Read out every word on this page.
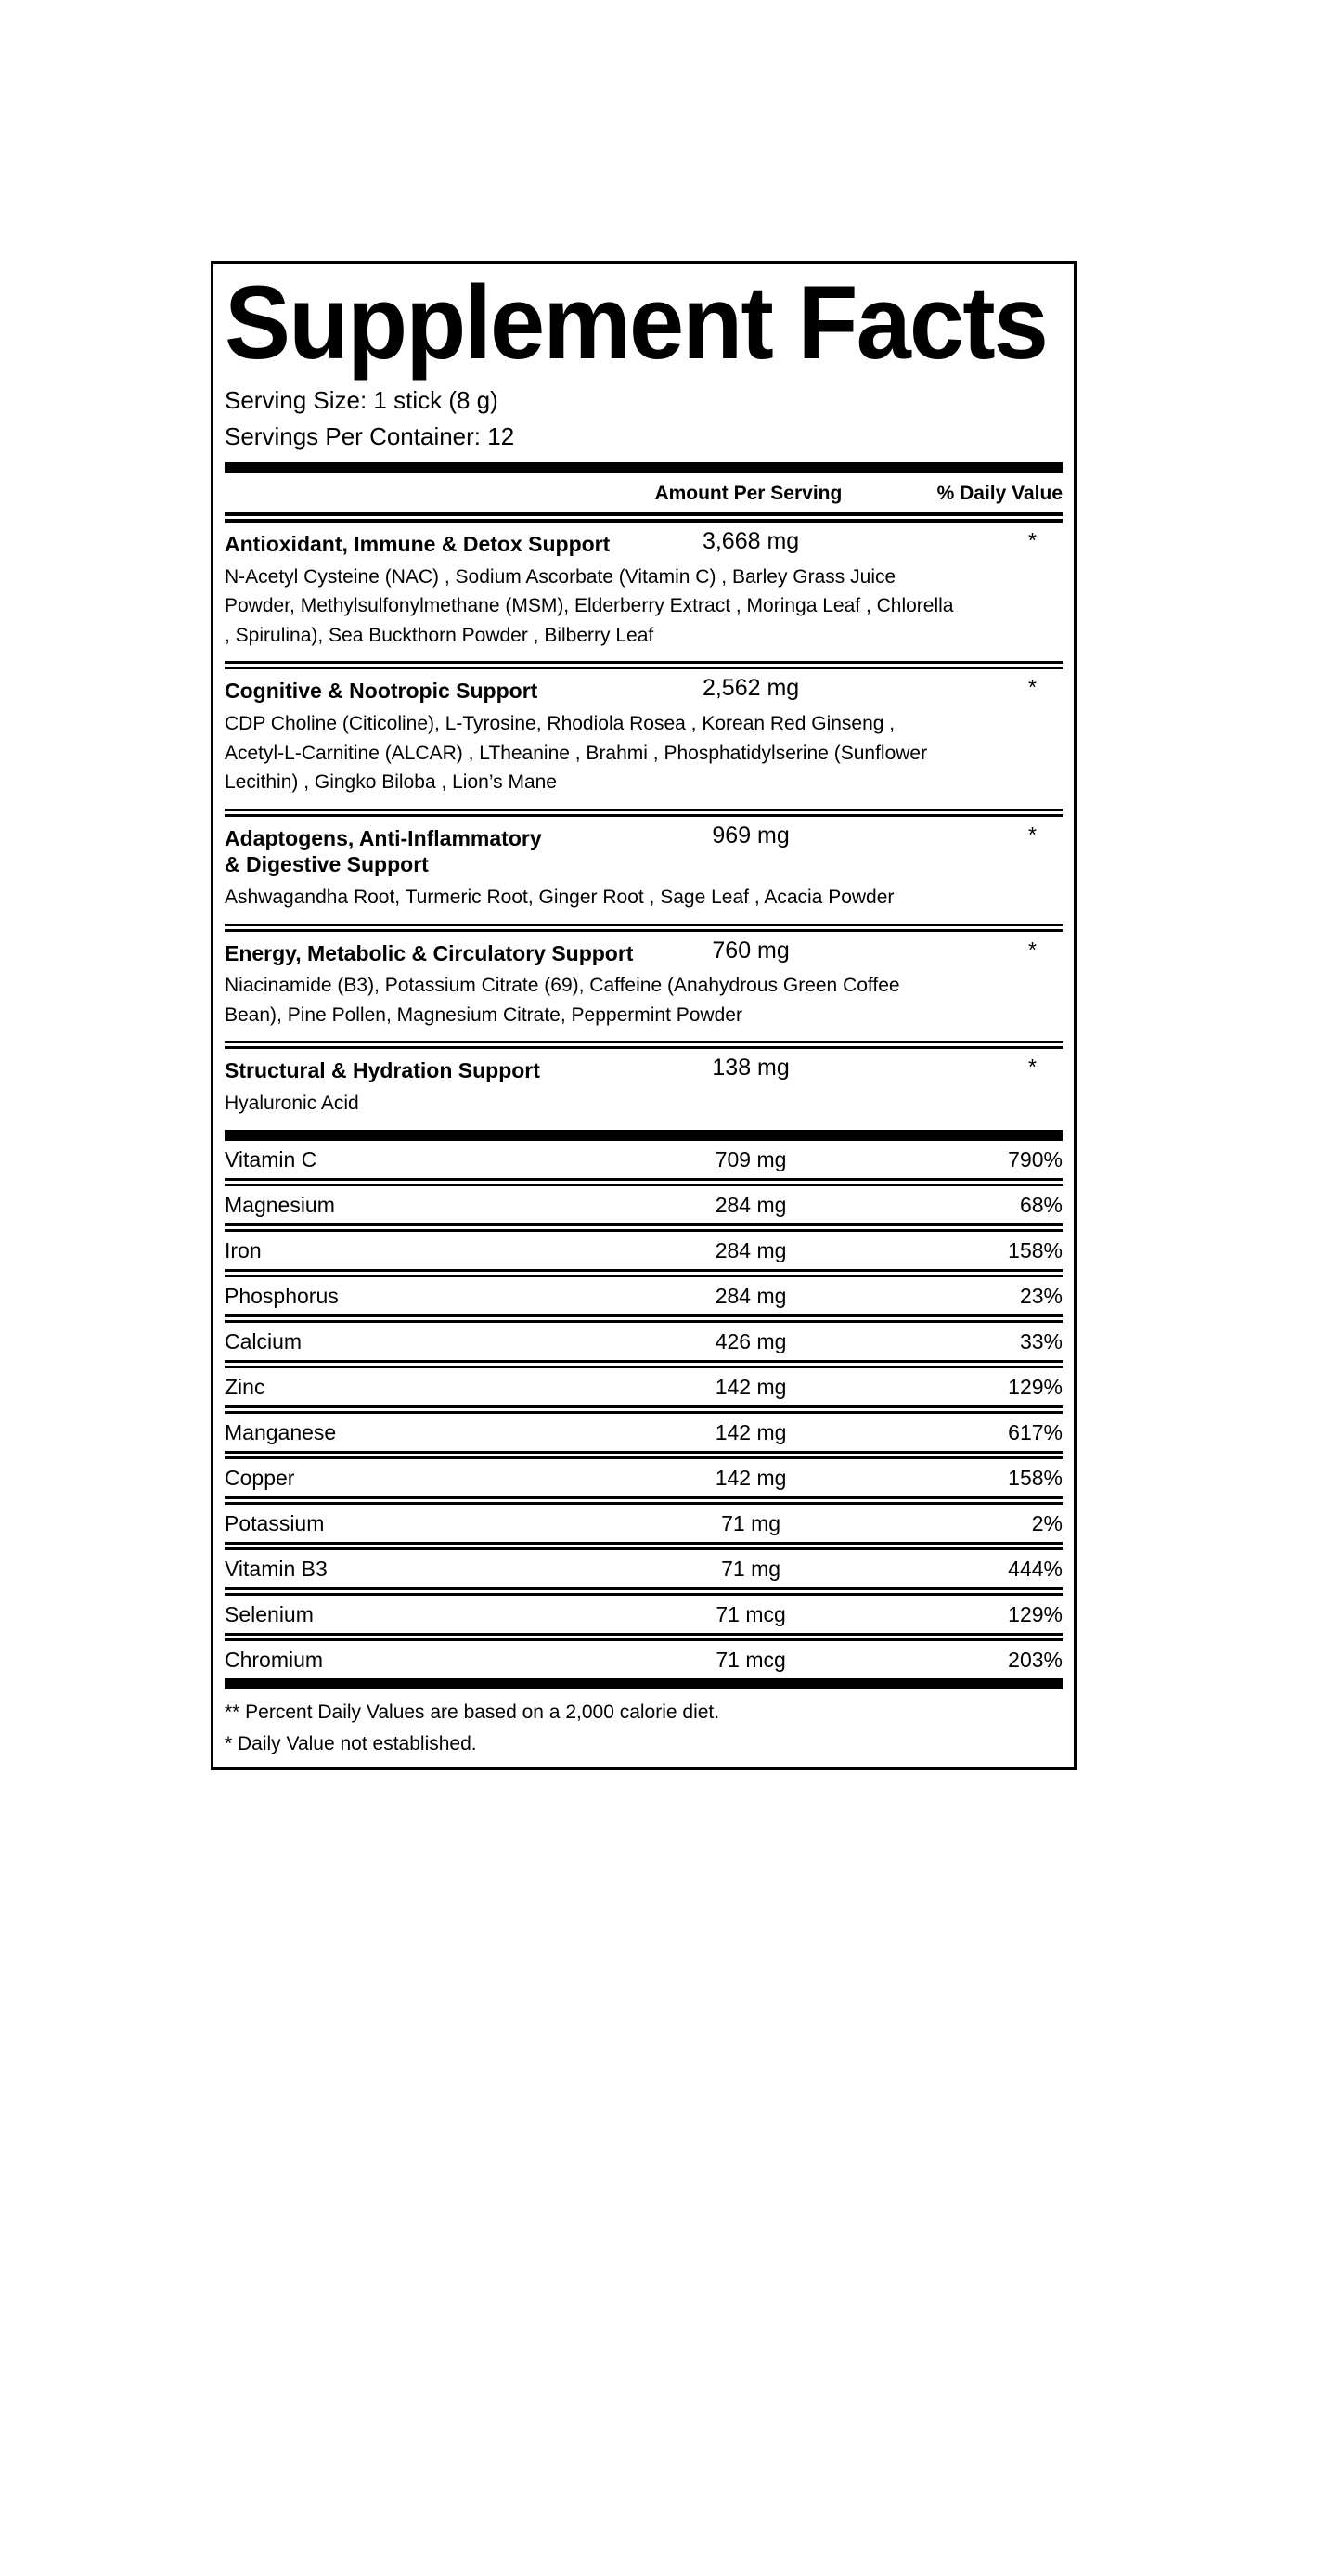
Supplement Facts
Serving Size: 1 stick (8 g)
Servings Per Container: 12
Amount Per Serving	% Daily Value
Antioxidant, Immune & Detox Support	3,668 mg	*
N-Acetyl Cysteine (NAC) , Sodium Ascorbate (Vitamin C) , Barley Grass Juice Powder, Methylsulfonylmethane (MSM), Elderberry Extract , Moringa Leaf , Chlorella , Spirulina), Sea Buckthorn Powder , Bilberry Leaf
Cognitive & Nootropic Support	2,562 mg	*
CDP Choline (Citicoline), L-Tyrosine, Rhodiola Rosea , Korean Red Ginseng , Acetyl-L-Carnitine (ALCAR) , LTheanine , Brahmi , Phosphatidylserine (Sunflower Lecithin) , Gingko Biloba , Lion’s Mane
Adaptogens, Anti-Inflammatory
& Digestive Support
969 mg	*
Ashwagandha Root, Turmeric Root, Ginger Root , Sage Leaf , Acacia Powder
Energy, Metabolic & Circulatory Support	760 mg	*
Niacinamide (B3), Potassium Citrate (69), Caffeine (Anahydrous Green Coffee Bean), Pine Pollen, Magnesium Citrate, Peppermint Powder
Structural & Hydration Support	138 mg	*
Hyaluronic Acid
Vitamin C	709 mg	790%
Magnesium	284 mg	68%
Iron	284 mg	158%
Phosphorus	284 mg	23%
Calcium	426 mg	33%
Zinc	142 mg	129%
Manganese	142 mg	617%
Copper	142 mg	158%
Potassium	71 mg	2%
Vitamin B3	71 mg	444%
Selenium	71 mcg	129%
Chromium	71 mcg	203%
** Percent Daily Values are based on a 2,000 calorie diet.
* Daily Value not established.
